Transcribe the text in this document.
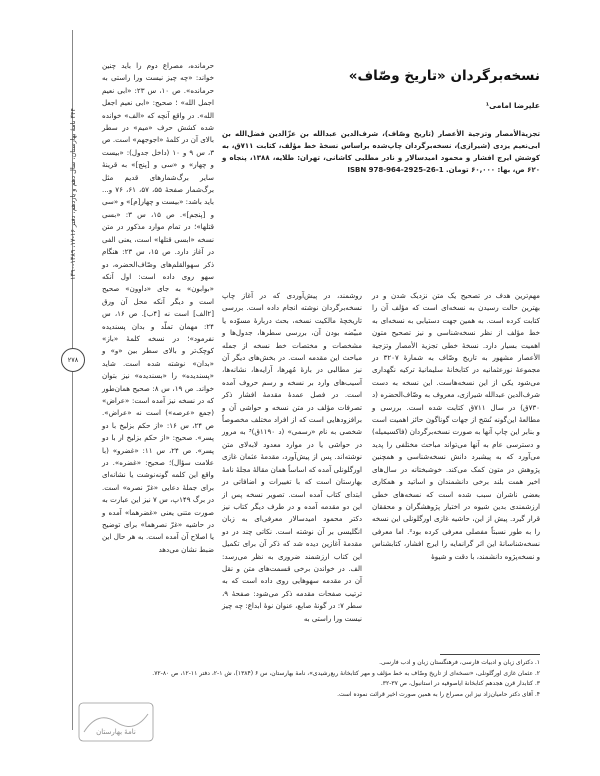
۳۴۴ نامهٔ بهارستان، سال دهم و یازدهم، دفتر ۱۶-۱۷، ۱۳۸۹-۱۳۹۰
۲۷۸
نسخه‌برگردان «تاریخ وصّاف»
علیرضا امامی¹
تجزیة‌الأمصار وتزجیة الأعصار (تاریخ وصّاف)، شرف‌الدین عبدالله بن عزّالدین فضل‌الله بن ابی‌نعیم یزدی (شیرازی)، نسخه‌برگردان چاپ‌شده براساس نسخهٔ خط مؤلف، کتابت ۷۱۱ق، به کوشش ایرج افشار و محمود امیدسالار و نادر مطلبی کاشانی، تهران: طلایه، ۱۳۸۸، پنجاه و ۶۲۰ ص، بها: ۶۰,۰۰۰ تومان. ISBN 978-964-2925-26-1

مهم‌ترین هدف در تصحیح یک متن نزدیک شدن و در بهترین حالت رسیدن به نسخه‌ای است که مؤلف آن را کتابت کرده است. به همین جهت دستیابی به نسخه‌ای به خط مؤلف از نظر نسخه‌شناسی و نیز تصحیح متون اهمیت بسیار دارد. نسخهٔ خطی تجزیة الأمصار وتزجیة الأعصار مشهور به تاریخ وصّاف به شمارهٔ ۳۲۰۷ در مجموعهٔ نورعثمانیه در کتابخانهٔ سلیمانیهٔ ترکیه نگهداری می‌شود یکی از این نسخه‌هاست. این نسخه به دست شرف‌الدین عبدالله شیرازی، معروف به وصّاف‌الحضره (د ۷۳۰ق) در سال ۷۱۱ق کتابت شده است. بررسی و مطالعهٔ این‌گونه نُسَخ از جهات گوناگون حائز اهمیت است و بنابر این چاپ آنها به صورت نسخه‌برگردان (فاکسیمیله) و دسترسی عام به آنها می‌تواند مباحث مختلفی را پدید می‌آورد که به پیشبرد دانش نسخه‌شناسی و همچنین پژوهش در متون کمک می‌کند. خوشبختانه در سال‌های اخیر همت بلند برخی دانشمندان و اساتید و همکاری بعضی ناشران سبب شده است که نسخه‌های خطی ارزشمندی بدین شیوه در اختیار پژوهشگران و محققان قرار گیرد. پیش از این، حاشیه غازی اورگلونلی این نسخه را به طور نسبتاً مفصلی معرفی کرده بود². اما معرفی نسخه‌شناسانهٔ این اثر گرانمایه را ایرج افشار، کتابشناس و نسخه‌پژوه دانشمند، با دقت و شیوهٔ

روشمند، در پیش‌آوردی که در آغاز چاپ نسخه‌برگردان نوشته انجام داده است. بررسی تاریخچهٔ مالکیت نسخه، بحث دربارهٔ مسوّده یا مبیّضه بودن آن، بررسی سطرها، جدول‌ها و مشخصات و مختصات خط نسخه از جمله مباحث این مقدمه است. در بخش‌های دیگر آن نیز مطالبی در بارهٔ مُهرها، آرایه‌ها، نشانه‌ها، آسیب‌های وارد بر نسخه و رسم حروف آمده است. در فصل عمدهٔ مقدمهٔ افشار ذکر تصرفات مؤلف در متن نسخه و حواشی آن و برافزودهایی است که از افراد مختلف مخصوصاً شخصی به نام «رسمی» (د ۱۱۹۰ق)³ به مرور در حواشی یا در موارد معدود لابه‌لای متن نوشته‌اند. پس از پیش‌آورد، مقدمهٔ عثمان غازی اورگلونلی آمده که اساساً همان مقالهٔ مجلهٔ نامهٔ بهارستان است که با تغییرات و اضافاتی در ابتدای کتاب آمده است. تصویر نسخه پس از این دو مقدمه آمده و در طرف دیگر کتاب نیز دکتر محمود امیدسالار معرفی‌ای به زبان انگلیسی بر آن نوشته است. نکاتی چند در دو مقدمهٔ آغازین دیده شد که ذکر آن برای تکمیل این کتاب ارزشمند ضروری به نظر می‌رسد: الف. در خواندن برخی قسمت‌های متن و نقل آن در مقدمه سهوهایی روی داده است که به ترتیب صفحات مقدمه ذکر می‌شود: صفحهٔ ۹، سطر ۷: در گونهٔ صابع، عنوان نوهٔ ابداع: چه چیز نیست ورا راستی به

حرمانده، مصراع دوم را باید چنین خواند: «چه چیز نیست ورا راستی به حرمانده». ص ۱۰، س ۲۳: «ابی نعیم اجمل الله» ؛ صحیح: «ابی نعیم اجعل الله». در واقع آنچه که «الف» خوانده شده کشش حرف «میم» در سطر بالای آن در کلمهٔ «اجوجهم» است. ص ۳، س ۹ و ۱۰ (داخل جدول): «بیست و چهار» و «سی و [پنج]» به قرینهٔ سایر برگ‌شمارهای قدیم مثل برگ‌شمار صفحهٔ ۵۵، ۵۷، ۶۱، ۷۶ و... باید باشد: «بیست و چهار[م]» و «سی و [پنجم]». ص ۱۵، س ۳: «بسی قتلها»؛ در تمام موارد مذکور در متن نسخه «ابسی قتلها» است، یعنی الفی در آغاز دارد. ص ۱۵، س ۲۳: هنگام ذکر سهوالقلم‌های وصّاف‌الحضره، دو سهو روی داده است: اول آنکه «بوابون» به جای «داوون» صحیح است و دیگر آنکه محل آن ورق [۲الف] است نه [۴ب]. ص ۱۶، س ۲۴: مهمان تملّد و بدان پسندیده نفرمود»؛ در نسخه کلمهٔ «باز» کوچک‌تر و بالای سطر بین «و» و «بدان» نوشته شده است. شاید «پسندیده» را «بسندیده» نیز بتوان خواند. ص ۱۹، س ۸: صحیح همان‌طور که در نسخه نیز آمده است: «عراض» (جمع «عرصه») است نه «عراض». ص ۲۴، س ۱۶: «از حکم بزلیخ با دو پسر». صحیح: «از حکم بزلیخ ار با دو پسر». ص ۲۴، س ۱۱: «غضرو» (با علامت سؤال)؛ صحیح: «غضره». در واقع این کلمه گونه‌نوشت یا نشانه‌ای برای جملهٔ دعایی «غرّ نصره» است. در برگ ۱۴۹پ، س ۷ نیز این عبارت به صورت متنی یعنی «غضرهما» آمده و در حاشیه «غرّ نصرهما» برای توضیح یا اصلاح آن آمده است. به هر حال این ضبط نشان می‌دهد

۱. دکترای زبان و ادبیات فارسی، فرهنگستان زبان و ادب فارسی.

۲. عثمان غازی اورگلونلی، «نسخه‌ای از تاریخ وصّاف به خط مؤلف و مهر کتابخانهٔ ربع‌رشیدی»، نامهٔ بهارستان، س ۶ (۱۳۸۴)، ش ۱-۲، دفتر ۱۱-۱۲، ص ۸۰-۷۲.

۳. کتابدار قرن هجدهم کتابخانهٔ ایاصوفیه در استانبول، ص ۳۷-۳۲.

۴. آقای دکتر حامیان‌زاد نیز این مصراع را به همین صورت اخیر قرائت نموده است.

نامهٔ بهارستان
